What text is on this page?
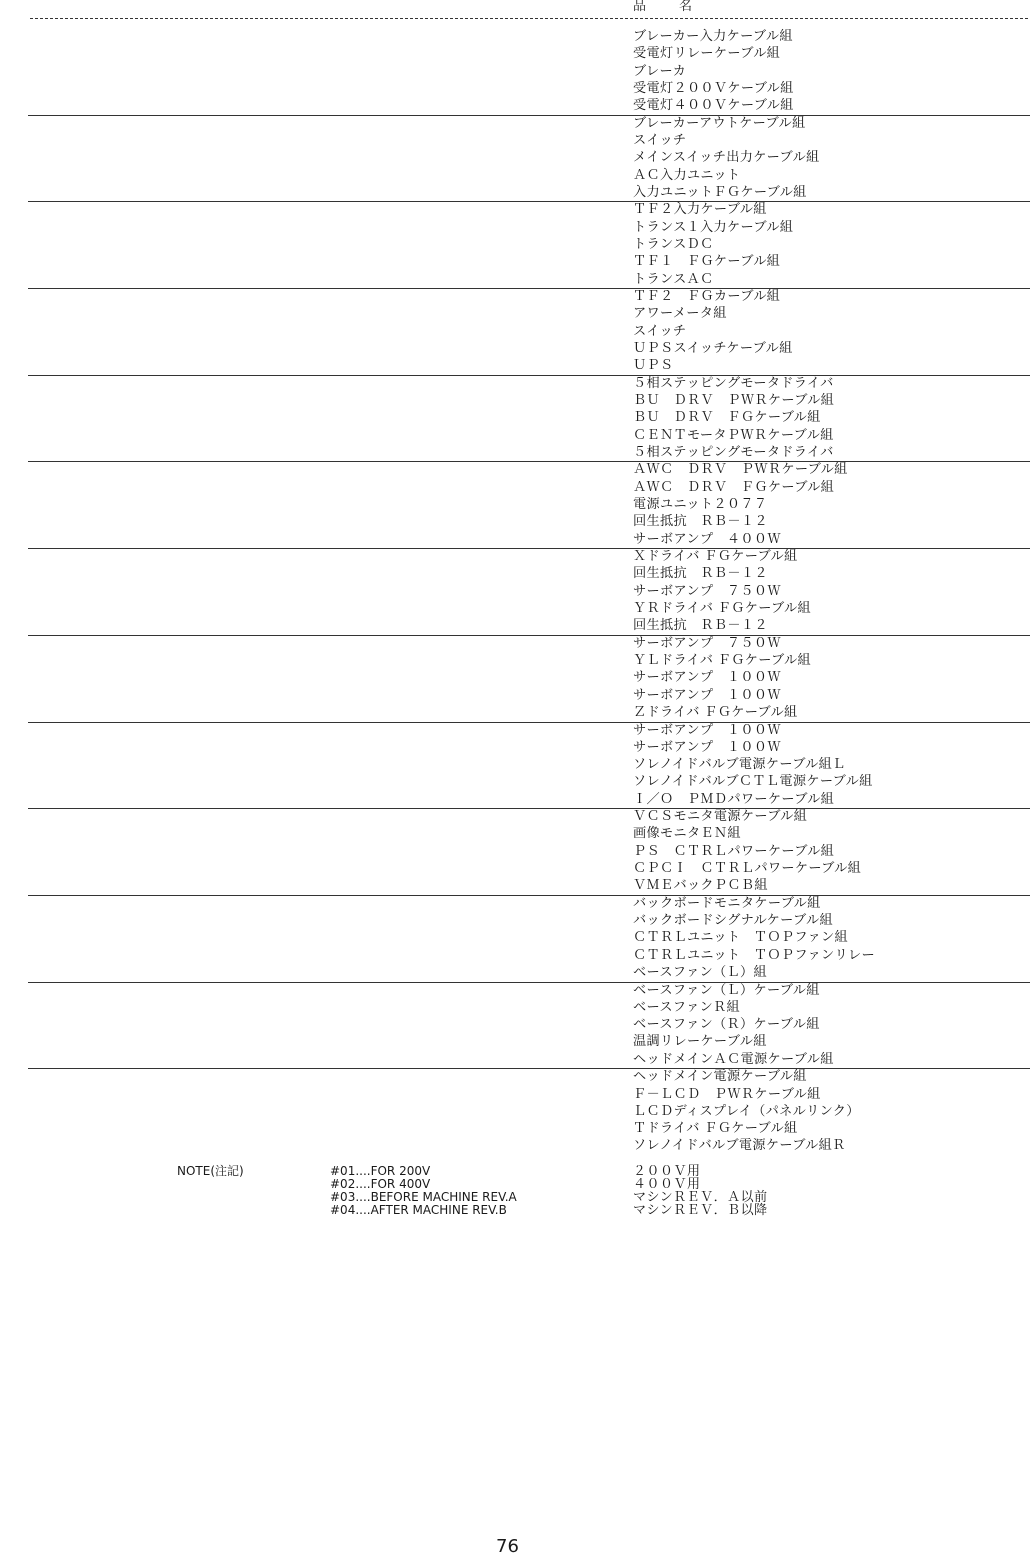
品　名
ブレーカー入力ケーブル組
受電灯リレーケーブル組
ブレーカ
受電灯２００Ｖケーブル組
受電灯４００Ｖケーブル組
ブレーカーアウトケーブル組
スイッチ
メインスイッチ出力ケーブル組
ＡＣ入力ユニット
入力ユニットＦＧケーブル組
ＴＦ２入力ケーブル組
トランス１入力ケーブル組
トランスＤＣ
ＴＦ１　ＦＧケーブル組
トランスＡＣ
ＴＦ２　ＦＧカーブル組
アワーメータ組
スイッチ
ＵＰＳスイッチケーブル組
ＵＰＳ
５相ステッピングモータドライバ
ＢＵ　ＤＲＶ　ＰＷＲケーブル組
ＢＵ　ＤＲＶ　ＦＧケーブル組
ＣＥＮＴモータＰＷＲケーブル組
５相ステッピングモータドライバ
ＡＷＣ　ＤＲＶ　ＰＷＲケーブル組
ＡＷＣ　ＤＲＶ　ＦＧケーブル組
電源ユニット２０７７
回生抵抗　ＲＢ－１２
サーボアンプ　４００Ｗ
Ｘドライバ ＦＧケーブル組
回生抵抗　ＲＢ－１２
サーボアンプ　７５０Ｗ
ＹＲドライバ ＦＧケーブル組
回生抵抗　ＲＢ－１２
サーボアンプ　７５０Ｗ
ＹＬドライバ ＦＧケーブル組
サーボアンプ　１００Ｗ
サーボアンプ　１００Ｗ
Ｚドライバ ＦＧケーブル組
サーボアンプ　１００Ｗ
サーボアンプ　１００Ｗ
ソレノイドバルブ電源ケーブル組Ｌ
ソレノイドバルブＣＴＬ電源ケーブル組
Ｉ／Ｏ　ＰＭＤパワーケーブル組
ＶＣＳモニタ電源ケーブル組
画像モニタＥＮ組
ＰＳ　ＣＴＲＬパワーケーブル組
ＣＰＣＩ　ＣＴＲＬパワーケーブル組
ＶＭＥバックＰＣＢ組
バックボードモニタケーブル組
バックボードシグナルケーブル組
ＣＴＲＬユニット　ＴＯＰファン組
ＣＴＲＬユニット　ＴＯＰファンリレー
ベースファン（Ｌ）組
ベースファン（Ｌ）ケーブル組
ベースファンＲ組
ベースファン（Ｒ）ケーブル組
温調リレーケーブル組
ヘッドメインＡＣ電源ケーブル組
ヘッドメイン電源ケーブル組
Ｆ－ＬＣＤ　ＰＷＲケーブル組
ＬＣＤディスプレイ（パネルリンク）
Ｔドライバ ＦＧケーブル組
ソレノイドバルブ電源ケーブル組Ｒ
NOTE(注記)	#01....FOR 200V
#02....FOR 400V
#03....BEFORE MACHINE REV.A
#04....AFTER MACHINE REV.B
２００Ｖ用
４００Ｖ用
マシンＲＥＶ．Ａ以前
マシンＲＥＶ．Ｂ以降
76
